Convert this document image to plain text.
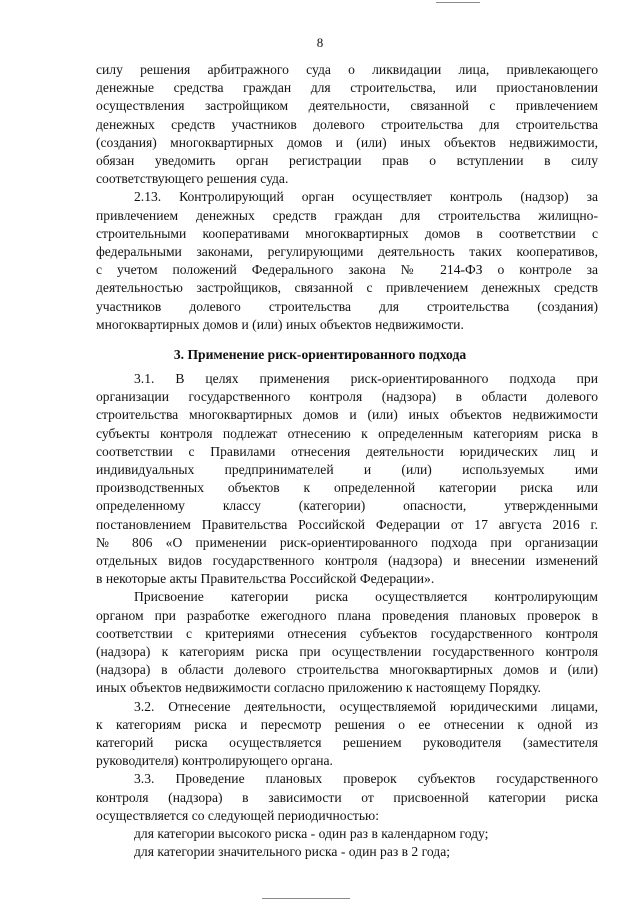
8
силу решения арбитражного суда о ликвидации лица, привлекающего
денежные средства граждан для строительства, или приостановлении
осуществления застройщиком деятельности, связанной с привлечением
денежных средств участников долевого строительства для строительства
(создания) многоквартирных домов и (или) иных объектов недвижимости,
обязан уведомить орган регистрации прав о вступлении в силу
соответствующего решения суда.
2.13. Контролирующий орган осуществляет контроль (надзор) за
привлечением денежных средств граждан для строительства жилищно-
строительными кооперативами многоквартирных домов в соответствии с
федеральными законами, регулирующими деятельность таких кооперативов,
с учетом положений Федерального закона № 214-ФЗ о контроле за
деятельностью застройщиков, связанной с привлечением денежных средств
участников долевого строительства для строительства (создания)
многоквартирных домов и (или) иных объектов недвижимости.
3. Применение риск-ориентированного подхода
3.1. В целях применения риск-ориентированного подхода при
организации государственного контроля (надзора) в области долевого
строительства многоквартирных домов и (или) иных объектов недвижимости
субъекты контроля подлежат отнесению к определенным категориям риска в
соответствии с Правилами отнесения деятельности юридических лиц и
индивидуальных предпринимателей и (или) используемых ими
производственных объектов к определенной категории риска или
определенному классу (категории) опасности, утвержденными
постановлением Правительства Российской Федерации от 17 августа 2016 г.
№ 806 «О применении риск-ориентированного подхода при организации
отдельных видов государственного контроля (надзора) и внесении изменений
в некоторые акты Правительства Российской Федерации».
Присвоение категории риска осуществляется контролирующим
органом при разработке ежегодного плана проведения плановых проверок в
соответствии с критериями отнесения субъектов государственного контроля
(надзора) к категориям риска при осуществлении государственного контроля
(надзора) в области долевого строительства многоквартирных домов и (или)
иных объектов недвижимости согласно приложению к настоящему Порядку.
3.2. Отнесение деятельности, осуществляемой юридическими лицами,
к категориям риска и пересмотр решения о ее отнесении к одной из
категорий риска осуществляется решением руководителя (заместителя
руководителя) контролирующего органа.
3.3. Проведение плановых проверок субъектов государственного
контроля (надзора) в зависимости от присвоенной категории риска
осуществляется со следующей периодичностью:
для категории высокого риска - один раз в календарном году;
для категории значительного риска - один раз в 2 года;
